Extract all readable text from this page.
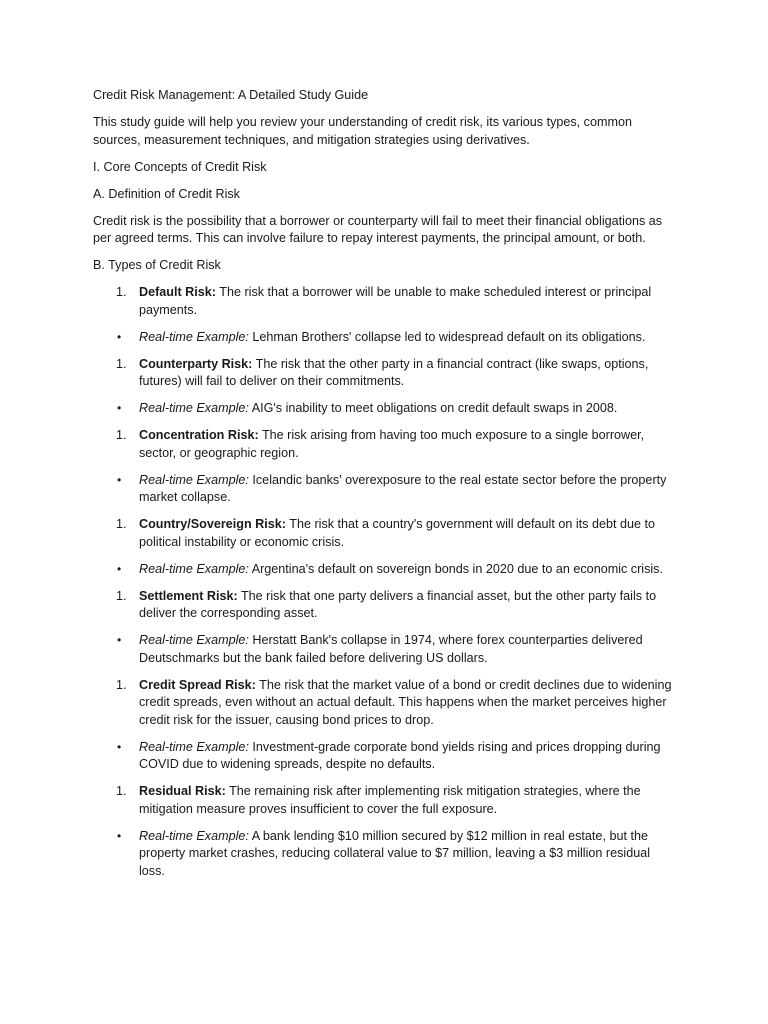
Credit Risk Management: A Detailed Study Guide

This study guide will help you review your understanding of credit risk, its various types, common sources, measurement techniques, and mitigation strategies using derivatives.

I. Core Concepts of Credit Risk

A. Definition of Credit Risk

Credit risk is the possibility that a borrower or counterparty will fail to meet their financial obligations as per agreed terms. This can involve failure to repay interest payments, the principal amount, or both.

B. Types of Credit Risk

1. Default Risk: The risk that a borrower will be unable to make scheduled interest or principal payments.
• Real-time Example: Lehman Brothers' collapse led to widespread default on its obligations.
1. Counterparty Risk: The risk that the other party in a financial contract (like swaps, options, futures) will fail to deliver on their commitments.
• Real-time Example: AIG's inability to meet obligations on credit default swaps in 2008.
1. Concentration Risk: The risk arising from having too much exposure to a single borrower, sector, or geographic region.
• Real-time Example: Icelandic banks' overexposure to the real estate sector before the property market collapse.
1. Country/Sovereign Risk: The risk that a country's government will default on its debt due to political instability or economic crisis.
• Real-time Example: Argentina's default on sovereign bonds in 2020 due to an economic crisis.
1. Settlement Risk: The risk that one party delivers a financial asset, but the other party fails to deliver the corresponding asset.
• Real-time Example: Herstatt Bank's collapse in 1974, where forex counterparties delivered Deutschmarks but the bank failed before delivering US dollars.
1. Credit Spread Risk: The risk that the market value of a bond or credit declines due to widening credit spreads, even without an actual default. This happens when the market perceives higher credit risk for the issuer, causing bond prices to drop.
• Real-time Example: Investment-grade corporate bond yields rising and prices dropping during COVID due to widening spreads, despite no defaults.
1. Residual Risk: The remaining risk after implementing risk mitigation strategies, where the mitigation measure proves insufficient to cover the full exposure.
• Real-time Example: A bank lending $10 million secured by $12 million in real estate, but the property market crashes, reducing collateral value to $7 million, leaving a $3 million residual loss.
